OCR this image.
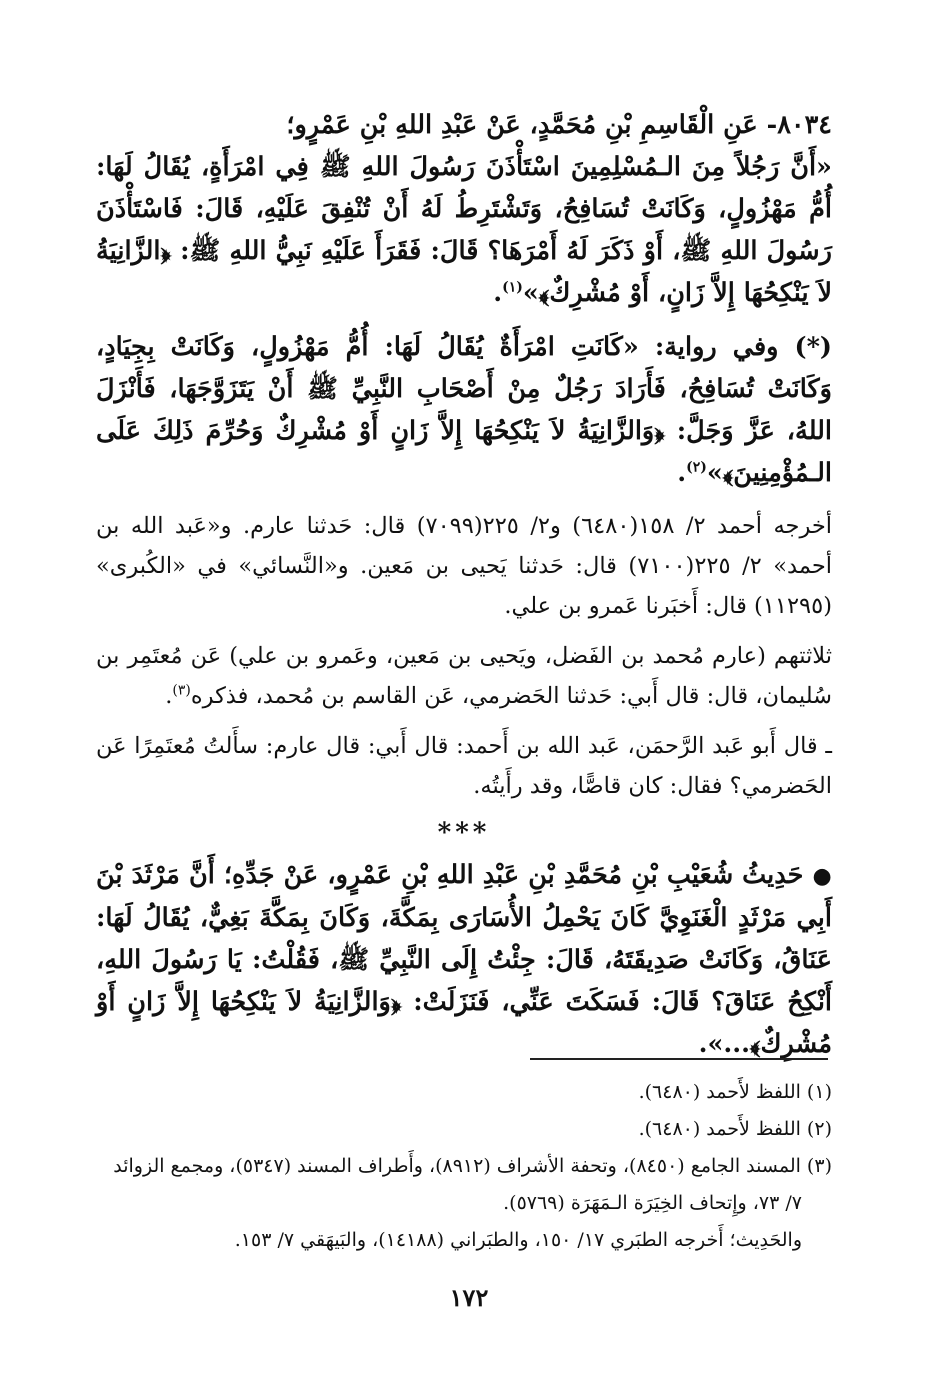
٨٠٣٤- عَنِ الْقَاسِمِ بْنِ مُحَمَّدٍ، عَنْ عَبْدِ اللهِ بْنِ عَمْرٍو؛

«أَنَّ رَجُلاً مِنَ الـمُسْلِمِينَ اسْتَأْذَنَ رَسُولَ اللهِ ﷺ فِي امْرَأَةٍ، يُقَالُ لَهَا: أُمُّ مَهْزُولٍ، وَكَانَتْ تُسَافِحُ، وَتَشْتَرِطُ لَهُ أَنْ تُنْفِقَ عَلَيْهِ، قَالَ: فَاسْتَأْذَنَ رَسُولَ اللهِ ﷺ، أَوْ ذَكَرَ لَهُ أَمْرَهَا؟ قَالَ: فَقَرَأَ عَلَيْهِ نَبِيُّ اللهِ ﷺ: ﴿الزَّانِيَةُ لاَ يَنْكِحُهَا إِلاَّ زَانٍ، أَوْ مُشْرِكٌ﴾»$^{(١)}$.

(*) وفي رواية: «كَانَتِ امْرَأَةٌ يُقَالُ لَهَا: أُمُّ مَهْزُولٍ، وَكَانَتْ بِجِيَادٍ، وَكَانَتْ تُسَافِحُ، فَأَرَادَ رَجُلٌ مِنْ أَصْحَابِ النَّبِيِّ ﷺ أَنْ يَتَزَوَّجَهَا، فَأَنْزَلَ اللهُ، عَزَّ وَجَلَّ: ﴿وَالزَّانِيَةُ لاَ يَنْكِحُهَا إِلاَّ زَانٍ أَوْ مُشْرِكٌ وَحُرِّمَ ذَلِكَ عَلَى الـمُؤْمِنِينَ﴾»$^{(٢)}$.

أخرجه أحمد ٢/ ١٥٨(٦٤٨٠) و٢/ ٢٢٥(٧٠٩٩) قال: حَدثنا عارم. و«عَبد الله بن أحمد» ٢/ ٢٢٥(٧١٠٠) قال: حَدثنا يَحيى بن مَعين. و«النَّسائي» في «الكُبرى» (١١٢٩٥) قال: أَخبَرنا عَمرو بن علي.

ثلاثتهم (عارم مُحمد بن الفَضل، ويَحيى بن مَعين، وعَمرو بن علي) عَن مُعتَمِر بن سُليمان، قال: قال أَبي: حَدثنا الحَضرمي، عَن القاسم بن مُحمد، فذكره$^{(٣)}$.

ـ قال أَبو عَبد الرَّحمَن، عَبد الله بن أَحمد: قال أَبي: قال عارم: سأَلتُ مُعتَمِرًا عَن الحَضرمي؟ فقال: كان قاصًّا، وقد رأَيتُه.

***

● حَدِيثُ شُعَيْبِ بْنِ مُحَمَّدِ بْنِ عَبْدِ اللهِ بْنِ عَمْرٍو، عَنْ جَدِّهِ؛ أَنَّ مَرْثَدَ بْنَ أَبِي مَرْثَدٍ الْغَنَوِيَّ كَانَ يَحْمِلُ الأُسَارَى بِمَكَّةَ، وَكَانَ بِمَكَّةَ بَغِيٌّ، يُقَالُ لَهَا: عَنَاقُ، وَكَانَتْ صَدِيقَتَهُ، قَالَ: جِئْتُ إِلَى النَّبِيِّ ﷺ، فَقُلْتُ: يَا رَسُولَ اللهِ، أَنْكِحُ عَنَاقَ؟ قَالَ: فَسَكَتَ عَنِّي، فَنَزَلَتْ: ﴿وَالزَّانِيَةُ لاَ يَنْكِحُهَا إِلاَّ زَانٍ أَوْ مُشْرِكٌ﴾...».

(١) اللفظ لأَحمد (٦٤٨٠).

(٢) اللفظ لأَحمد (٦٤٨٠).

(٣) المسند الجامع (٨٤٥٠)، وتحفة الأشراف (٨٩١٢)، وأَطراف المسند (٥٣٤٧)، ومجمع الزوائد

٧/ ٧٣، وإِتحاف الخِيَرَة الـمَهَرَة (٥٧٦٩).

والحَدِيث؛ أَخرجه الطبَري ١٧/ ١٥٠، والطبَراني (١٤١٨٨)، والبَيهَقي ٧/ ١٥٣.

١٧٢
